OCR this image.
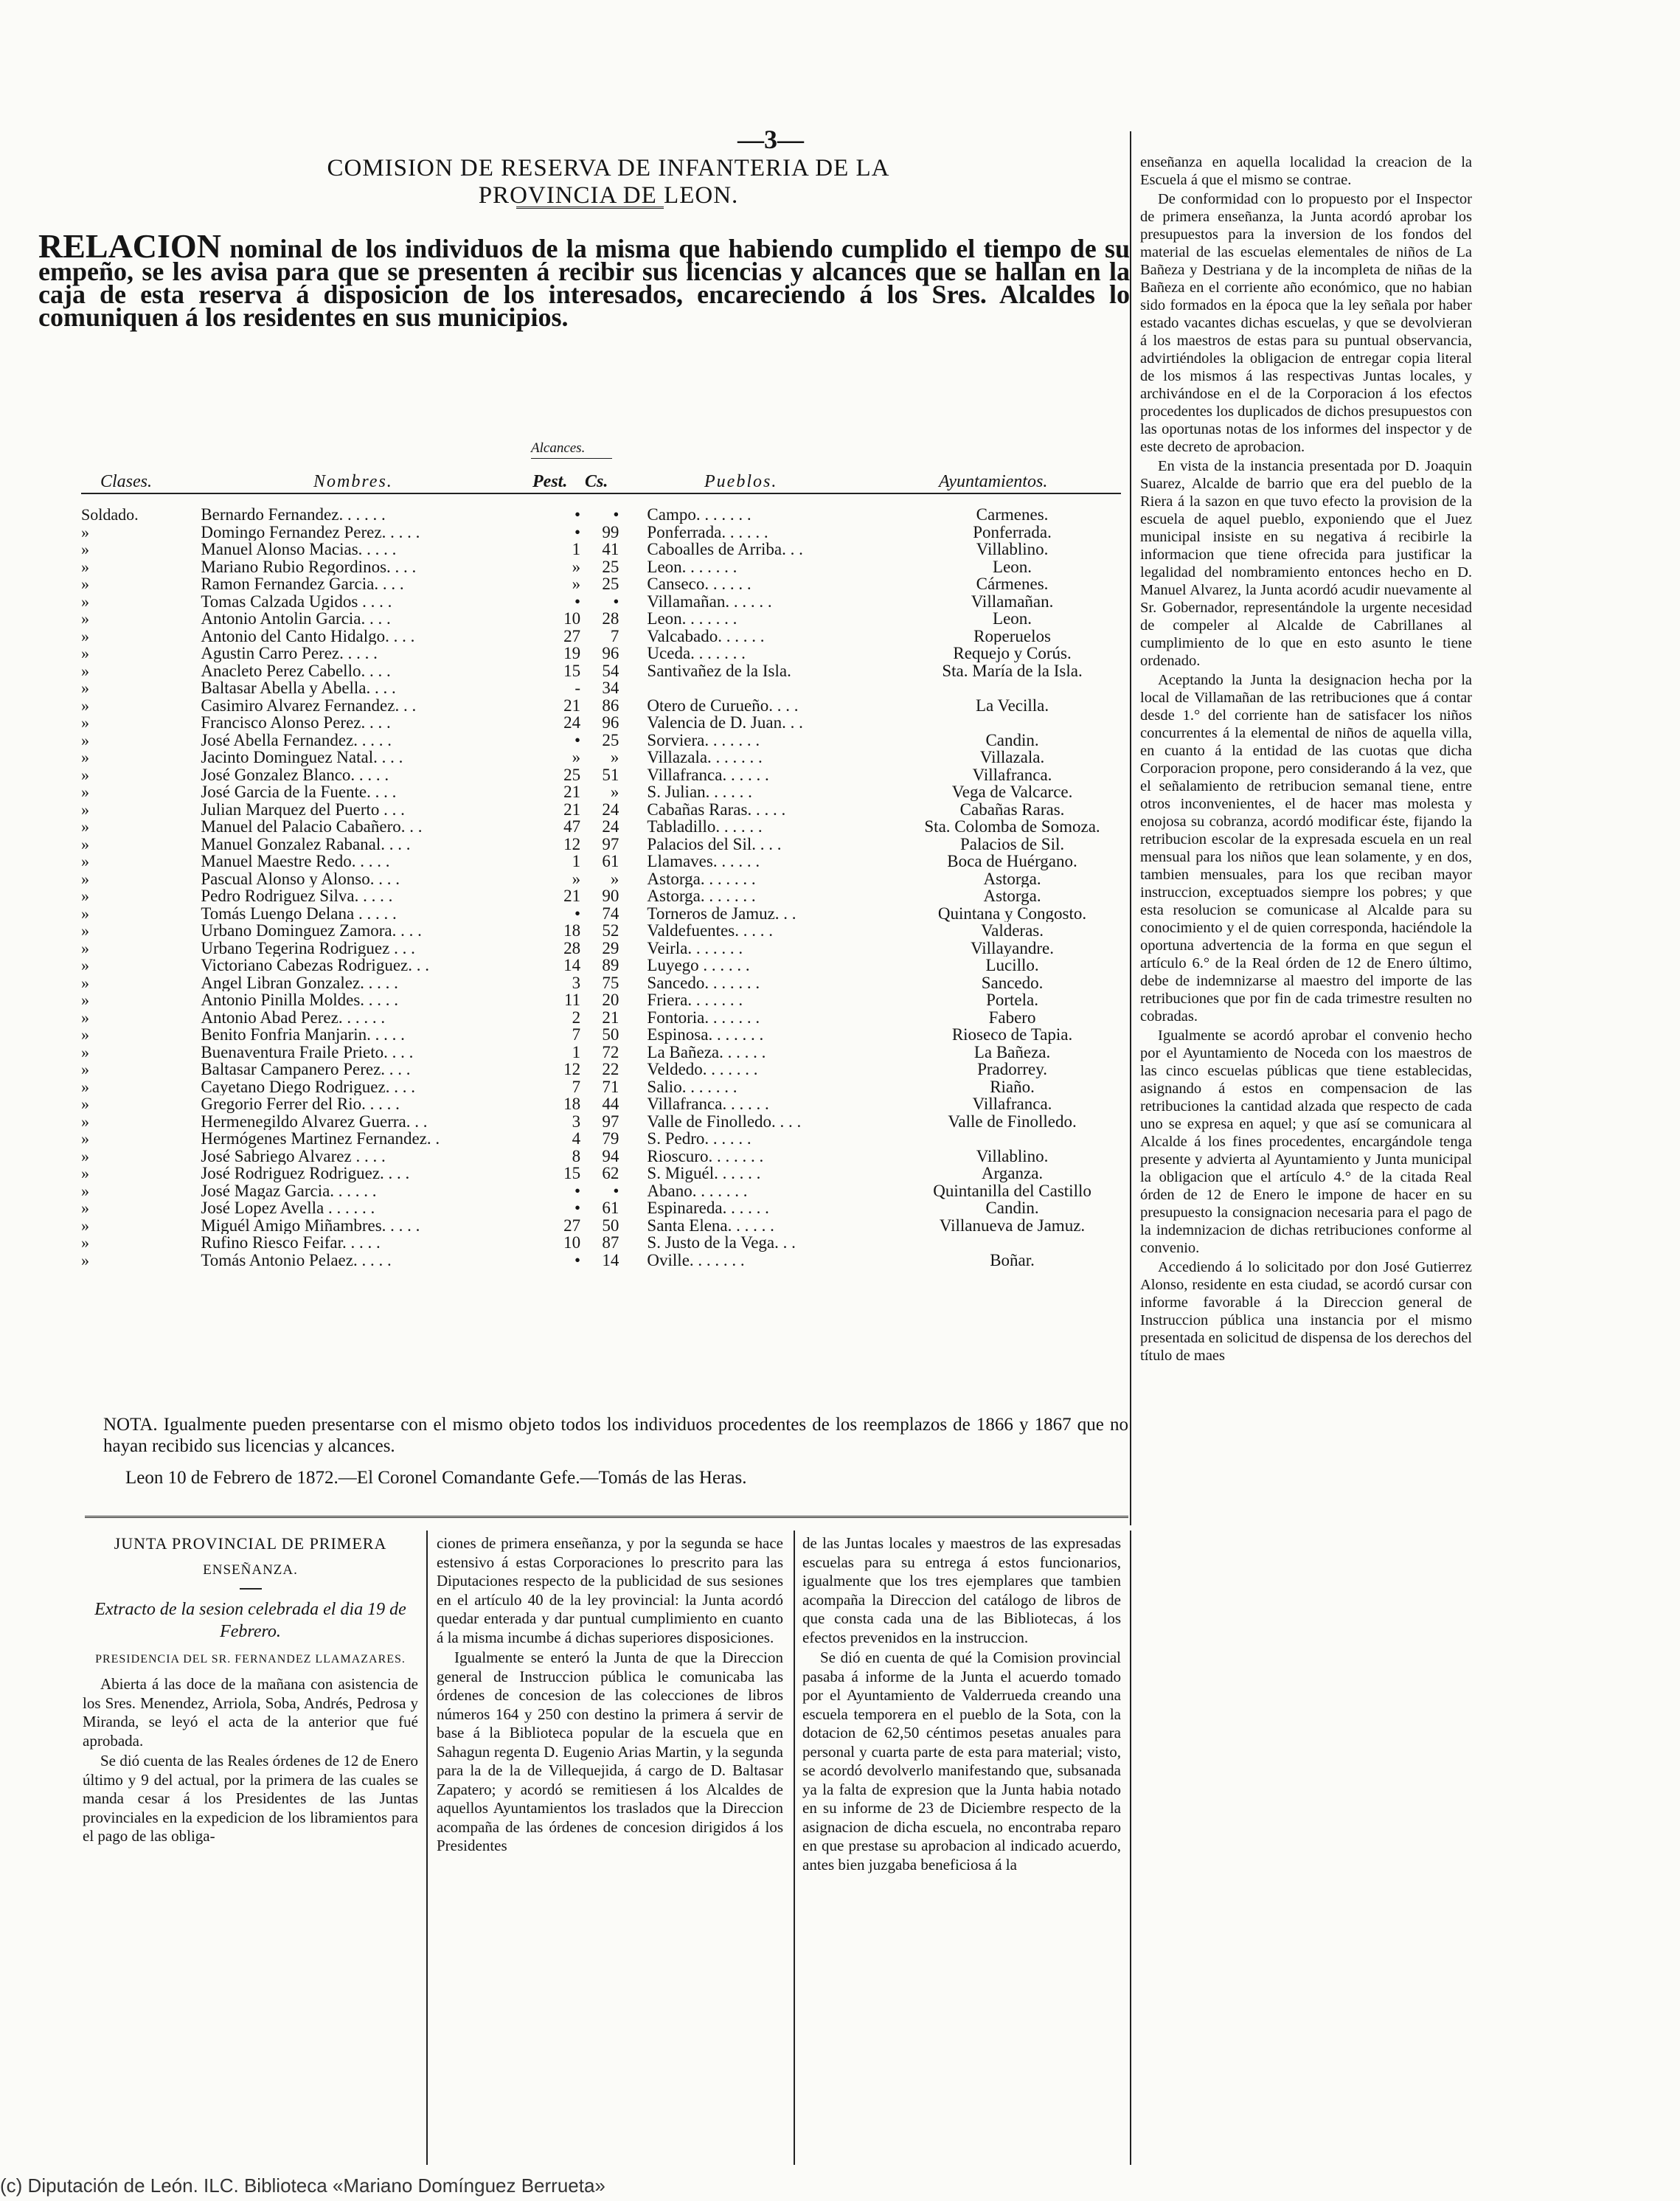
—3—
COMISION DE RESERVA DE INFANTERIA DE LA PROVINCIA DE LEON.
RELACION nominal de los individuos de la misma que habiendo cumplido el tiempo de su empeño, se les avisa para que se presenten á recibir sus licencias y alcances que se hallan en la caja de esta reserva á disposicion de los interesados, encareciendo á los Sres. Alcaldes lo comuniquen á los residentes en sus municipios.
Alcances.
Clases.	Nombres.	Pest. Cs.	Pueblos.	Ayuntamientos.
Soldado.	Bernardo Fernandez. . . . . .	•	•	Campo. . . . . . .	Carmenes.
»	Domingo Fernandez Perez. . . . .	•	99	Ponferrada. . . . . .	Ponferrada.
»	Manuel Alonso Macias. . . . .	1	41	Caboalles de Arriba. . .	Villablino.
»	Mariano Rubio Regordinos. . . .	»	25	Leon. . . . . . .	Leon.
»	Ramon Fernandez Garcia. . . .	»	25	Canseco. . . . . .	Cármenes.
»	Tomas Calzada Ugidos . . . .	•	•	Villamañan. . . . . .	Villamañan.
»	Antonio Antolin Garcia. . . .	10	28	Leon. . . . . . .	Leon.
»	Antonio del Canto Hidalgo. . . .	27	7	Valcabado. . . . . .	Roperuelos
»	Agustin Carro Perez. . . . .	19	96	Uceda. . . . . . .	Requejo y Corús.
»	Anacleto Perez Cabello. . . .	15	54	Santivañez de la Isla.	Sta. María de la Isla.
»	Baltasar Abella y Abella. . . .	-	34		
»	Casimiro Alvarez Fernandez. . .	21	86	Otero de Curueño. . . .	La Vecilla.
»	Francisco Alonso Perez. . . .	24	96	Valencia de D. Juan. . .	
»	José Abella Fernandez. . . . .	•	25	Sorviera. . . . . . .	Candin.
»	Jacinto Dominguez Natal. . . .	»	»	Villazala. . . . . . .	Villazala.
»	José Gonzalez Blanco. . . . .	25	51	Villafranca. . . . . .	Villafranca.
»	José Garcia de la Fuente. . . .	21	»	S. Julian. . . . . .	Vega de Valcarce.
»	Julian Marquez del Puerto . . .	21	24	Cabañas Raras. . . . .	Cabañas Raras.
»	Manuel del Palacio Cabañero. . .	47	24	Tabladillo. . . . . .	Sta. Colomba de Somoza.
»	Manuel Gonzalez Rabanal. . . .	12	97	Palacios del Sil. . . .	Palacios de Sil.
»	Manuel Maestre Redo. . . . .	1	61	Llamaves. . . . . .	Boca de Huérgano.
»	Pascual Alonso y Alonso. . . .	»	»	Astorga. . . . . . .	Astorga.
»	Pedro Rodriguez Silva. . . . .	21	90	Astorga. . . . . . .	Astorga.
»	Tomás Luengo Delana . . . . .	•	74	Torneros de Jamuz. . .	Quintana y Congosto.
»	Urbano Dominguez Zamora. . . .	18	52	Valdefuentes. . . . .	Valderas.
»	Urbano Tegerina Rodriguez . . .	28	29	Veirla. . . . . . .	Villayandre.
»	Victoriano Cabezas Rodriguez. . .	14	89	Luyego . . . . . .	Lucillo.
»	Angel Libran Gonzalez. . . . .	3	75	Sancedo. . . . . . .	Sancedo.
»	Antonio Pinilla Moldes. . . . .	11	20	Friera. . . . . . .	Portela.
»	Antonio Abad Perez. . . . . .	2	21	Fontoria. . . . . . .	Fabero
»	Benito Fonfria Manjarin. . . . .	7	50	Espinosa. . . . . . .	Rioseco de Tapia.
»	Buenaventura Fraile Prieto. . . .	1	72	La Bañeza. . . . . .	La Bañeza.
»	Baltasar Campanero Perez. . . .	12	22	Veldedo. . . . . . .	Pradorrey.
»	Cayetano Diego Rodriguez. . . .	7	71	Salio. . . . . . .	Riaño.
»	Gregorio Ferrer del Rio. . . . .	18	44	Villafranca. . . . . .	Villafranca.
»	Hermenegildo Alvarez Guerra. . .	3	97	Valle de Finolledo. . . .	Valle de Finolledo.
»	Hermógenes Martinez Fernandez. .	4	79	S. Pedro. . . . . .	
»	José Sabriego Alvarez . . . .	8	94	Rioscuro. . . . . . .	Villablino.
»	José Rodriguez Rodriguez. . . .	15	62	S. Miguél. . . . . .	Arganza.
»	José Magaz Garcia. . . . . .	•	•	Abano. . . . . . .	Quintanilla del Castillo
»	José Lopez Avella . . . . . .	•	61	Espinareda. . . . . .	Candin.
»	Miguél Amigo Miñambres. . . . .	27	50	Santa Elena. . . . . .	Villanueva de Jamuz.
»	Rufino Riesco Feifar. . . . .	10	87	S. Justo de la Vega. . .	
»	Tomás Antonio Pelaez. . . . .	•	14	Oville. . . . . . .	Boñar.
NOTA. Igualmente pueden presentarse con el mismo objeto todos los individuos procedentes de los reemplazos de 1866 y 1867 que no hayan recibido sus licencias y alcances.
Leon 10 de Febrero de 1872.—El Coronel Comandante Gefe.—Tomás de las Heras.
JUNTA PROVINCIAL DE PRIMERA
ENSEÑANZA.
Extracto de la sesion celebrada el dia 19 de Febrero.
PRESIDENCIA DEL SR. FERNANDEZ LLAMAZARES.

Abierta á las doce de la mañana con asistencia de los Sres. Menendez, Arriola, Soba, Andrés, Pedrosa y Miranda, se leyó el acta de la anterior que fué aprobada.

Se dió cuenta de las Reales órdenes de 12 de Enero último y 9 del actual, por la primera de las cuales se manda cesar á los Presidentes de las Juntas provinciales en la expedicion de los libramientos para el pago de las obliga-

ciones de primera enseñanza, y por la segunda se hace estensivo á estas Corporaciones lo prescrito para las Diputaciones respecto de la publicidad de sus sesiones en el artículo 40 de la ley provincial: la Junta acordó quedar enterada y dar puntual cumplimiento en cuanto á la misma incumbe á dichas superiores disposiciones.

Igualmente se enteró la Junta de que la Direccion general de Instruccion pública le comunicaba las órdenes de concesion de las colecciones de libros números 164 y 250 con destino la primera á servir de base á la Biblioteca popular de la escuela que en Sahagun regenta D. Eugenio Arias Martin, y la segunda para la de la de Villequejida, á cargo de D. Baltasar Zapatero; y acordó se remitiesen á los Alcaldes de aquellos Ayuntamientos los traslados que la Direccion acompaña de las órdenes de concesion dirigidos á los Presidentes

de las Juntas locales y maestros de las expresadas escuelas para su entrega á estos funcionarios, igualmente que los tres ejemplares que tambien acompaña la Direccion del catálogo de libros de que consta cada una de las Bibliotecas, á los efectos prevenidos en la instruccion.

Se dió en cuenta de qué la Comision provincial pasaba á informe de la Junta el acuerdo tomado por el Ayuntamiento de Valderrueda creando una escuela temporera en el pueblo de la Sota, con la dotacion de 62,50 céntimos pesetas anuales para personal y cuarta parte de esta para material; visto, se acordó devolverlo manifestando que, subsanada ya la falta de expresion que la Junta habia notado en su informe de 23 de Diciembre respecto de la asignacion de dicha escuela, no encontraba reparo en que prestase su aprobacion al indicado acuerdo, antes bien juzgaba beneficiosa á la

enseñanza en aquella localidad la creacion de la Escuela á que el mismo se contrae.

De conformidad con lo propuesto por el Inspector de primera enseñanza, la Junta acordó aprobar los presupuestos para la inversion de los fondos del material de las escuelas elementales de niños de La Bañeza y Destriana y de la incompleta de niñas de la Bañeza en el corriente año económico, que no habian sido formados en la época que la ley señala por haber estado vacantes dichas escuelas, y que se devolvieran á los maestros de estas para su puntual observancia, advirtiéndoles la obligacion de entregar copia literal de los mismos á las respectivas Juntas locales, y archivándose en el de la Corporacion á los efectos procedentes los duplicados de dichos presupuestos con las oportunas notas de los informes del inspector y de este decreto de aprobacion.

En vista de la instancia presentada por D. Joaquin Suarez, Alcalde de barrio que era del pueblo de la Riera á la sazon en que tuvo efecto la provision de la escuela de aquel pueblo, exponiendo que el Juez municipal insiste en su negativa á recibirle la informacion que tiene ofrecida para justificar la legalidad del nombramiento entonces hecho en D. Manuel Alvarez, la Junta acordó acudir nuevamente al Sr. Gobernador, representándole la urgente necesidad de compeler al Alcalde de Cabrillanes al cumplimiento de lo que en esto asunto le tiene ordenado.

Aceptando la Junta la designacion hecha por la local de Villamañan de las retribuciones que á contar desde 1.° del corriente han de satisfacer los niños concurrentes á la elemental de niños de aquella villa, en cuanto á la entidad de las cuotas que dicha Corporacion propone, pero considerando á la vez, que el señalamiento de retribucion semanal tiene, entre otros inconvenientes, el de hacer mas molesta y enojosa su cobranza, acordó modificar éste, fijando la retribucion escolar de la expresada escuela en un real mensual para los niños que lean solamente, y en dos, tambien mensuales, para los que reciban mayor instruccion, exceptuados siempre los pobres; y que esta resolucion se comunicase al Alcalde para su conocimiento y el de quien corresponda, haciéndole la oportuna advertencia de la forma en que segun el artículo 6.° de la Real órden de 12 de Enero último, debe de indemnizarse al maestro del importe de las retribuciones que por fin de cada trimestre resulten no cobradas.

Igualmente se acordó aprobar el convenio hecho por el Ayuntamiento de Noceda con los maestros de las cinco escuelas públicas que tiene establecidas, asignando á estos en compensacion de las retribuciones la cantidad alzada que respecto de cada uno se expresa en aquel; y que así se comunicara al Alcalde á los fines procedentes, encargándole tenga presente y advierta al Ayuntamiento y Junta municipal la obligacion que el artículo 4.° de la citada Real órden de 12 de Enero le impone de hacer en su presupuesto la consignacion necesaria para el pago de la indemnizacion de dichas retribuciones conforme al convenio.

Accediendo á lo solicitado por don José Gutierrez Alonso, residente en esta ciudad, se acordó cursar con informe favorable á la Direccion general de Instruccion pública una instancia por el mismo presentada en solicitud de dispensa de los derechos del título de maes

(c) Diputación de León. ILC. Biblioteca «Mariano Domínguez Berrueta»
